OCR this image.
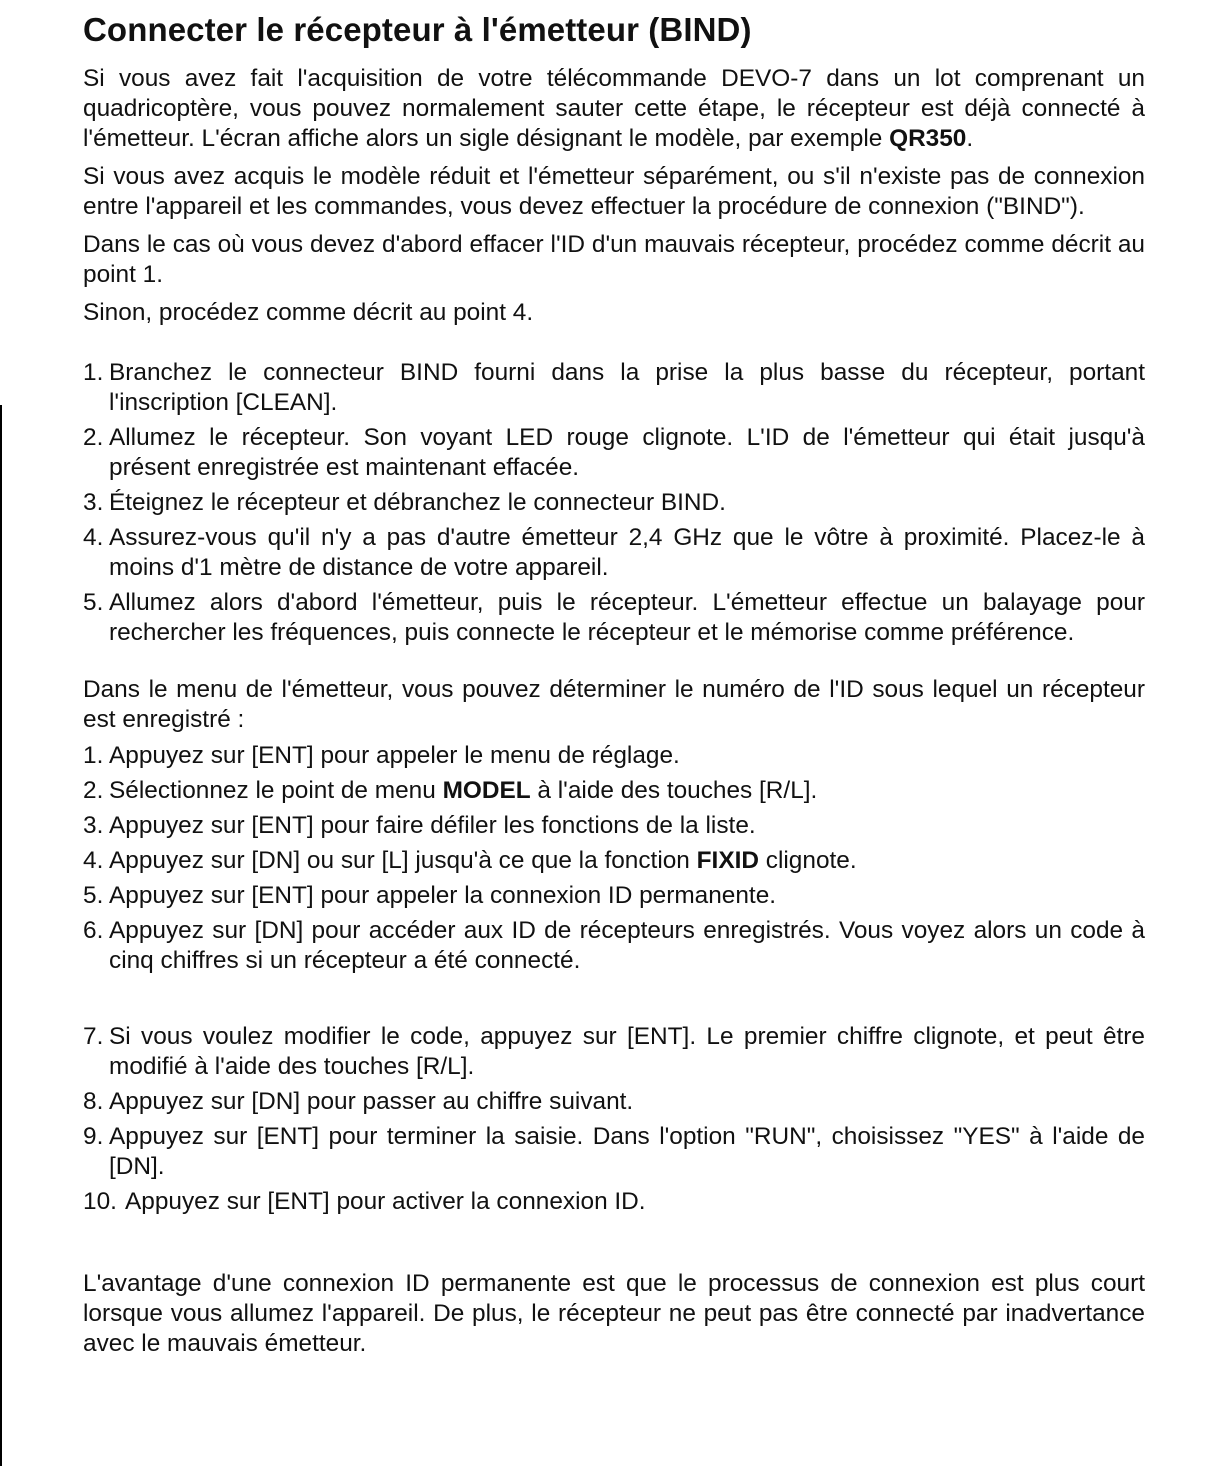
Connecter le récepteur à l'émetteur (BIND)

Si vous avez fait l'acquisition de votre télécommande DEVO-7 dans un lot comprenant un quadricoptère, vous pouvez normalement sauter cette étape, le récepteur est déjà connecté à l'émetteur. L'écran affiche alors un sigle désignant le modèle, par exemple QR350.

Si vous avez acquis le modèle réduit et l'émetteur séparément, ou s'il n'existe pas de connexion entre l'appareil et les commandes, vous devez effectuer la procédure de connexion ("BIND").

Dans le cas où vous devez d'abord effacer l'ID d'un mauvais récepteur, procédez comme décrit au point 1.

Sinon, procédez comme décrit au point 4.

1. Branchez le connecteur BIND fourni dans la prise la plus basse du récepteur, portant l'inscription [CLEAN].
2. Allumez le récepteur. Son voyant LED rouge clignote. L'ID de l'émetteur qui était jusqu'à présent enregistrée est maintenant effacée.
3. Éteignez le récepteur et débranchez le connecteur BIND.
4. Assurez-vous qu'il n'y a pas d'autre émetteur 2,4 GHz que le vôtre à proximité. Placez-le à moins d'1 mètre de distance de votre appareil.
5. Allumez alors d'abord l'émetteur, puis le récepteur. L'émetteur effectue un balayage pour rechercher les fréquences, puis connecte le récepteur et le mémorise comme préférence.

Dans le menu de l'émetteur, vous pouvez déterminer le numéro de l'ID sous lequel un récepteur est enregistré :

1. Appuyez sur [ENT] pour appeler le menu de réglage.
2. Sélectionnez le point de menu MODEL à l'aide des touches [R/L].
3. Appuyez sur [ENT] pour faire défiler les fonctions de la liste.
4. Appuyez sur [DN] ou sur [L] jusqu'à ce que la fonction FIXID clignote.
5. Appuyez sur [ENT] pour appeler la connexion ID permanente.
6. Appuyez sur [DN] pour accéder aux ID de récepteurs enregistrés. Vous voyez alors un code à cinq chiffres si un récepteur a été connecté.
7. Si vous voulez modifier le code, appuyez sur [ENT]. Le premier chiffre clignote, et peut être modifié à l'aide des touches [R/L].
8. Appuyez sur [DN] pour passer au chiffre suivant.
9. Appuyez sur [ENT] pour terminer la saisie. Dans l'option "RUN", choisissez "YES" à l'aide de [DN].
10. Appuyez sur [ENT] pour activer la connexion ID.

L'avantage d'une connexion ID permanente est que le processus de connexion est plus court lorsque vous allumez l'appareil. De plus, le récepteur ne peut pas être connecté par inadvertance avec le mauvais émetteur.
